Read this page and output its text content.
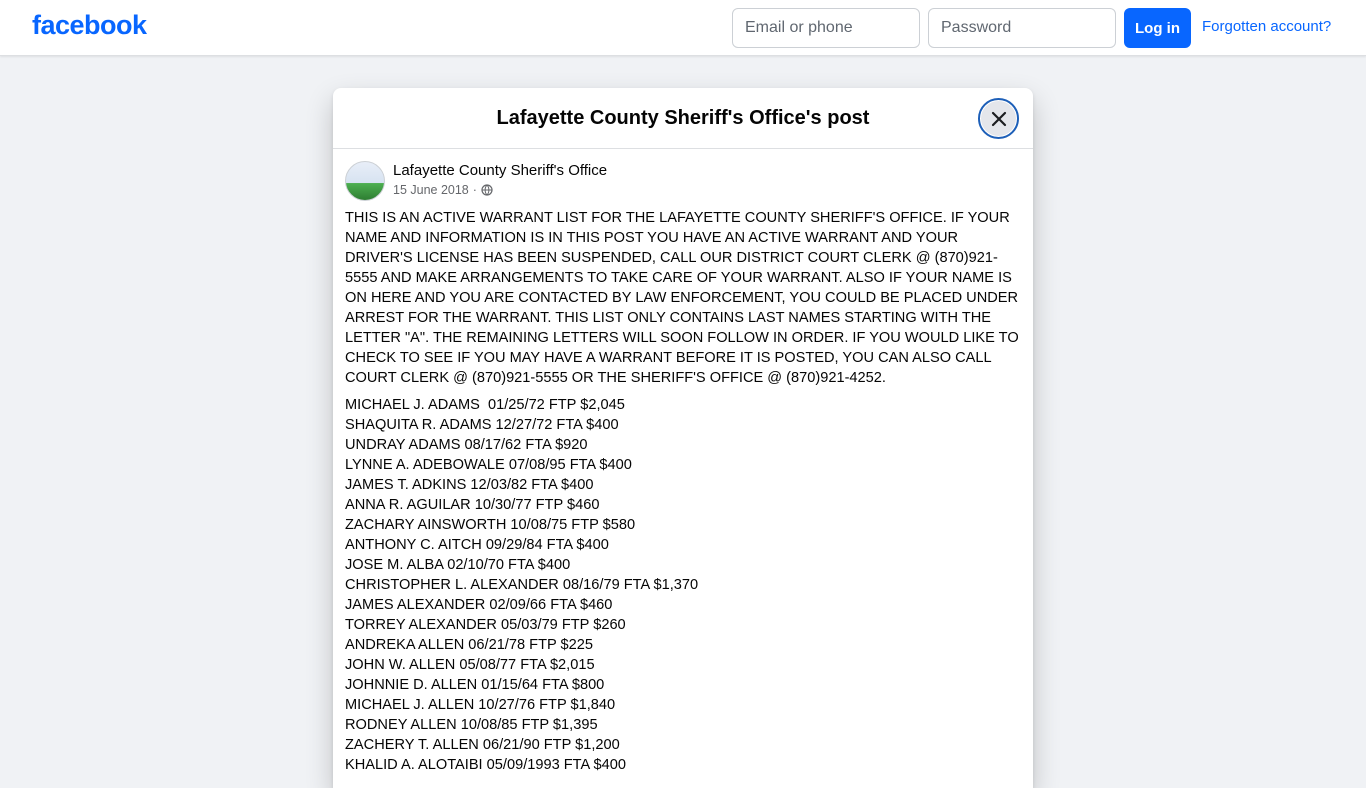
facebook
Email or phone	Log in	Forgotten account?
Lafayette County Sheriff's Office's post
Lafayette County Sheriff's Office
15 June 2018 ·
THIS IS AN ACTIVE WARRANT LIST FOR THE LAFAYETTE COUNTY SHERIFF'S OFFICE. IF YOUR NAME AND INFORMATION IS IN THIS POST YOU HAVE AN ACTIVE WARRANT AND YOUR DRIVER'S LICENSE HAS BEEN SUSPENDED, CALL OUR DISTRICT COURT CLERK @ (870)921-5555 AND MAKE ARRANGEMENTS TO TAKE CARE OF YOUR WARRANT. ALSO IF YOUR NAME IS ON HERE AND YOU ARE CONTACTED BY LAW ENFORCEMENT, YOU COULD BE PLACED UNDER ARREST FOR THE WARRANT. THIS LIST ONLY CONTAINS LAST NAMES STARTING WITH THE LETTER "A". THE REMAINING LETTERS WILL SOON FOLLOW IN ORDER. IF YOU WOULD LIKE TO CHECK TO SEE IF YOU MAY HAVE A WARRANT BEFORE IT IS POSTED, YOU CAN ALSO CALL COURT CLERK @ (870)921-5555 OR THE SHERIFF'S OFFICE @ (870)921-4252.
MICHAEL J. ADAMS  01/25/72 FTP $2,045
SHAQUITA R. ADAMS 12/27/72 FTA $400
UNDRAY ADAMS 08/17/62 FTA $920
LYNNE A. ADEBOWALE 07/08/95 FTA $400
JAMES T. ADKINS 12/03/82 FTA $400
ANNA R. AGUILAR 10/30/77 FTP $460
ZACHARY AINSWORTH 10/08/75 FTP $580
ANTHONY C. AITCH 09/29/84 FTA $400
JOSE M. ALBA 02/10/70 FTA $400
CHRISTOPHER L. ALEXANDER 08/16/79 FTA $1,370
JAMES ALEXANDER 02/09/66 FTA $460
TORREY ALEXANDER 05/03/79 FTP $260
ANDREKA ALLEN 06/21/78 FTP $225
JOHN W. ALLEN 05/08/77 FTA $2,015
JOHNNIE D. ALLEN 01/15/64 FTA $800
MICHAEL J. ALLEN 10/27/76 FTP $1,840
RODNEY ALLEN 10/08/85 FTP $1,395
ZACHERY T. ALLEN 06/21/90 FTP $1,200
KHALID A. ALOTAIBI 05/09/1993 FTA $400
